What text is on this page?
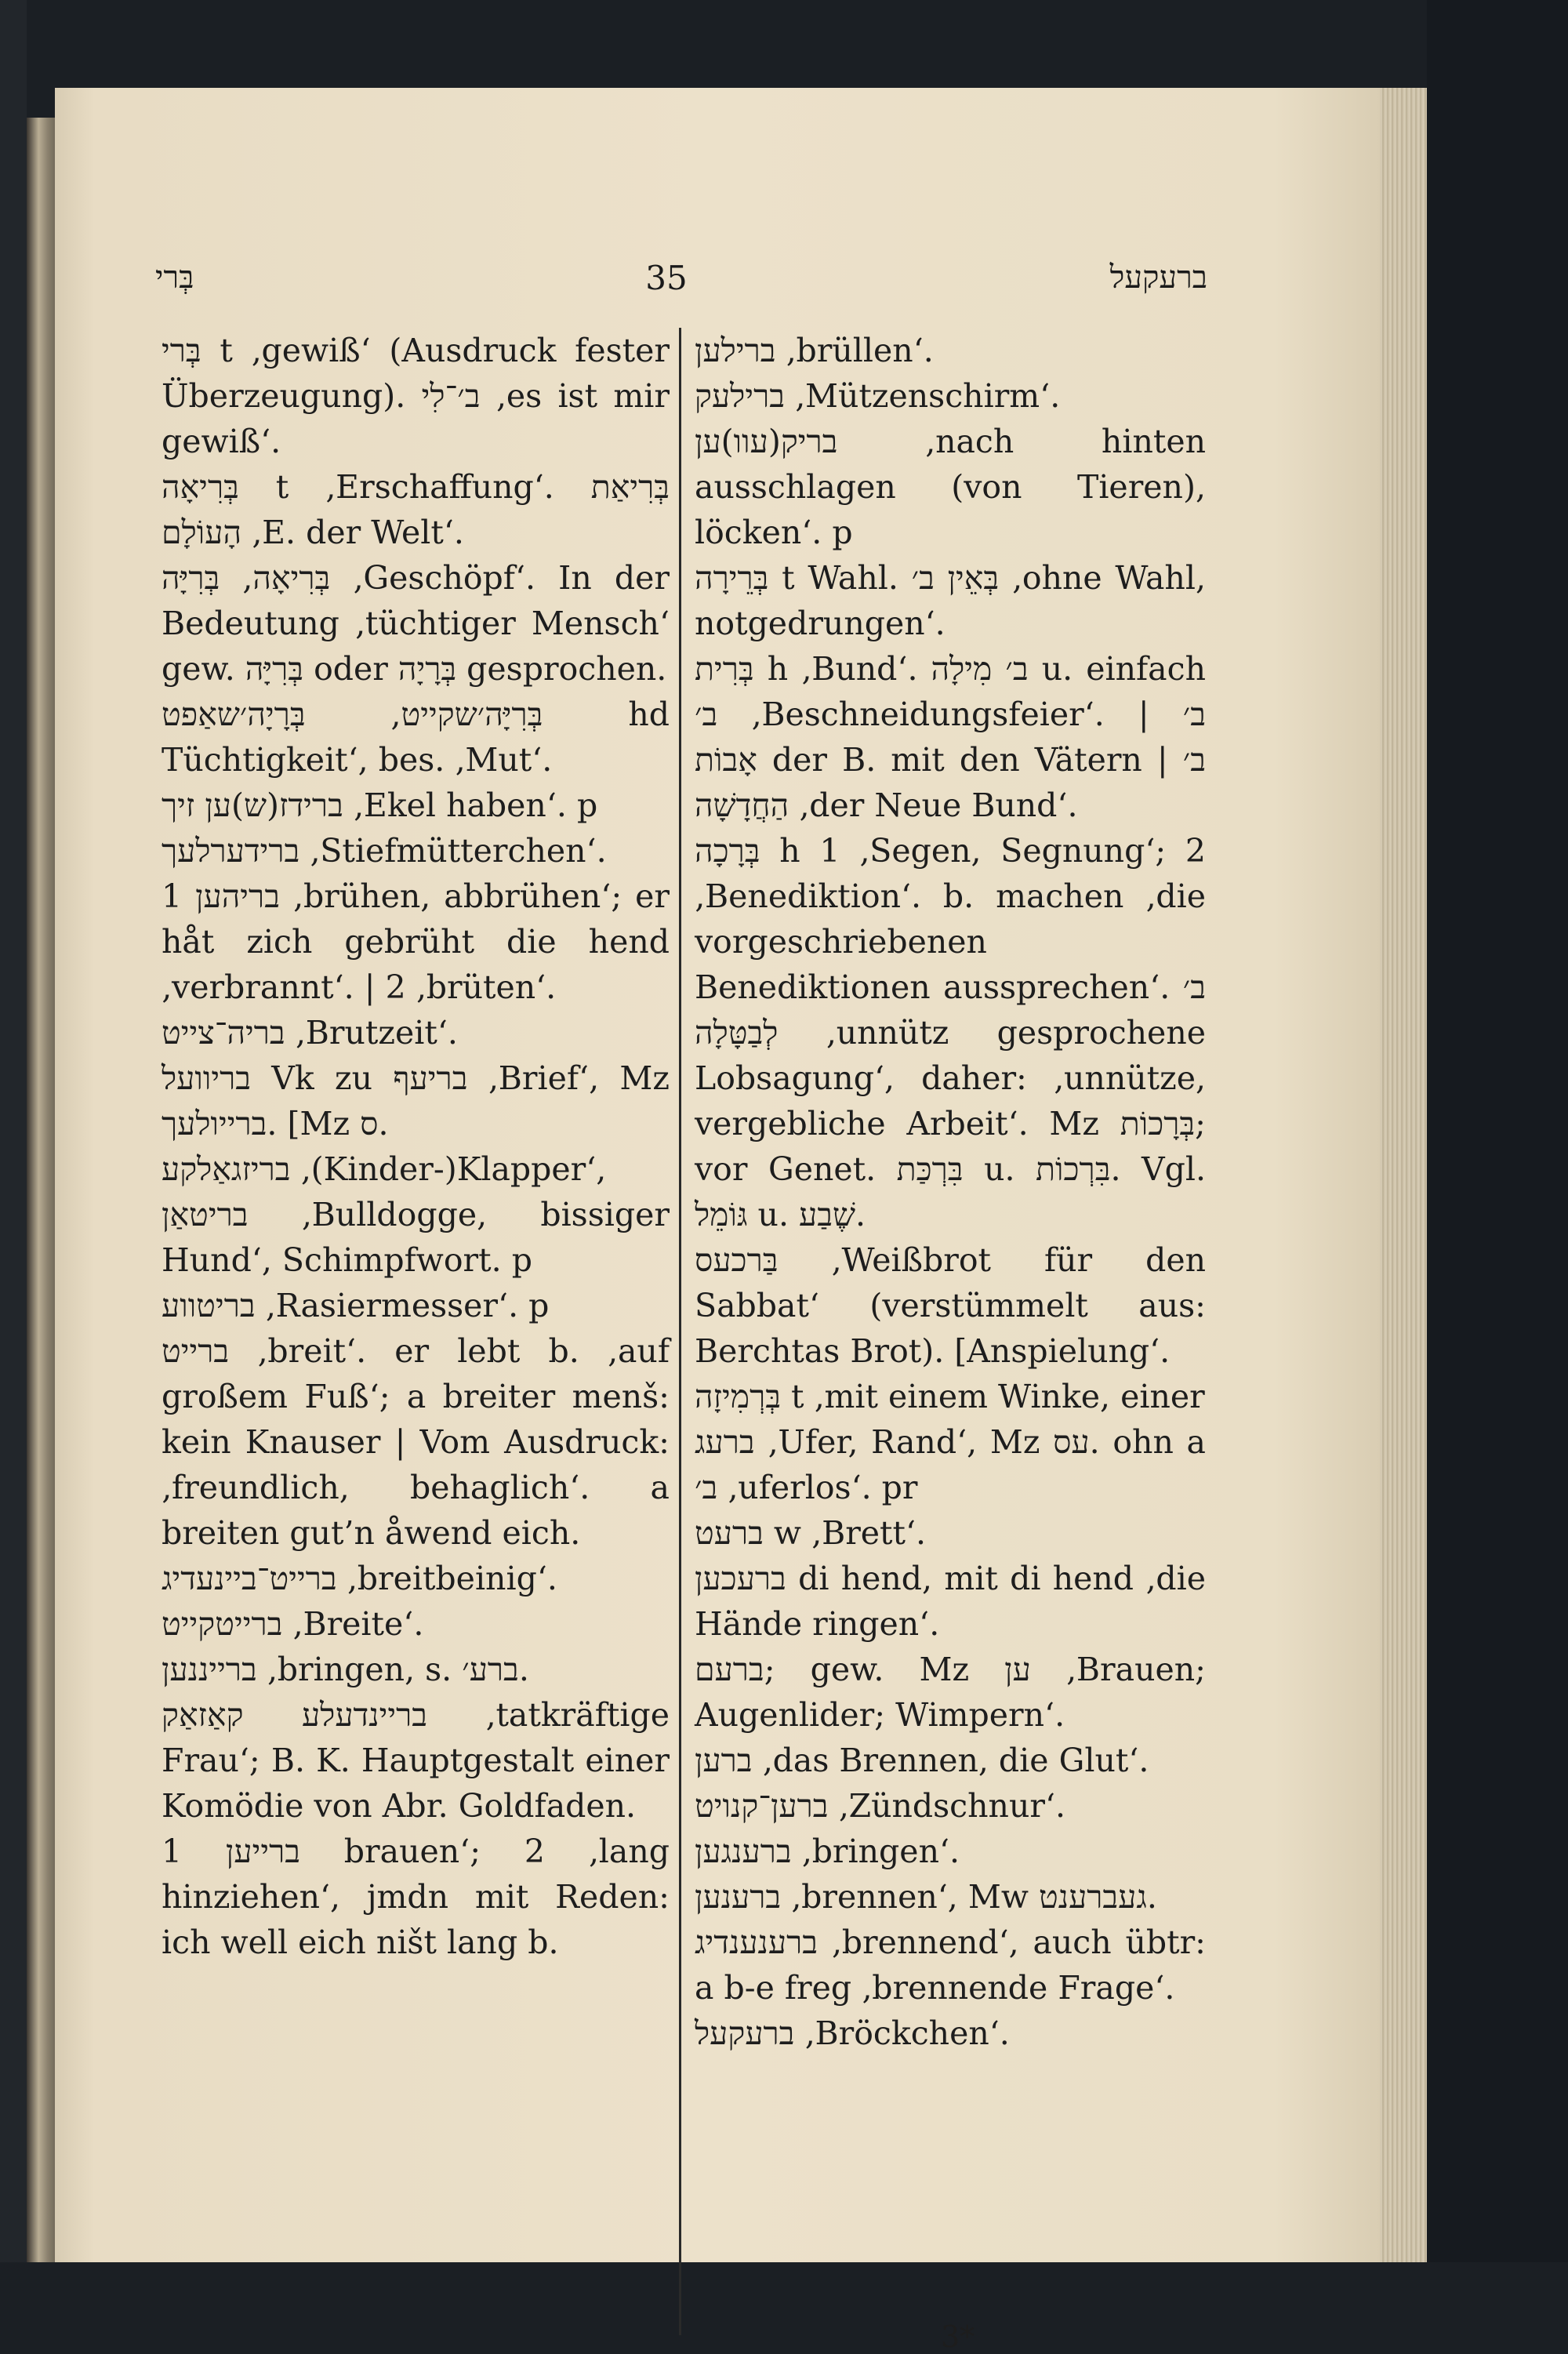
בְּרי	35	ברעקעל

בְּרי t ‚gewiß‘ (Ausdruck fester Überzeugung). ב׳־לִי ‚es ist mir gewiß‘.

בְּרִיאָה t ‚Erschaffung‘. בְּרִיאַת הָעוֹלָם ‚E. der Welt‘.

בְּרִיאָה, בְּרִיָּה ‚Geschöpf‘. In der Bedeutung ‚tüchtiger Mensch‘ gew. בְּרִיָּה oder בְּרָיָה gesprochen.

בְּרִיָּה׳שקייט, בְּרָיָה׳שאַפט hd Tüchtigkeit‘, bes. ‚Mut‘.

ברידז(ש)ען זיך ‚Ekel haben‘. p

ברידערלעך ‚Stiefmütterchen‘.

בריהען 1 ‚brühen, abbrühen‘; er håt zich gebrüht die hend ‚verbrannt‘. | 2 ‚brüten‘.

בריה־צייט ‚Brutzeit‘.

בריוועל Vk zu בריעף ‚Brief‘, Mz ברייולעך. [Mz ס.

בריזגאַלקע ‚(Kinder-)Klapper‘,

בריטאַן ‚Bulldogge, bissiger Hund‘, Schimpfwort. p

בריטווע ‚Rasiermesser‘. p

ברייט ‚breit‘. er lebt b. ‚auf großem Fuß‘; a breiter menš: kein Knauser | Vom Ausdruck: ‚freundlich, behaglich‘. a breiten gut’n åwend eich.

ברייט־ביינעדיג ‚breitbeinig‘.

ברייטקייט ‚Breite‘.

ברייננען ‚bringen, s. ברע׳.

בריינדעלע קאַזאַק ‚tatkräftige Frau‘; B. K. Hauptgestalt einer Komödie von Abr. Goldfaden.

ברייען 1 brauen‘; 2 ‚lang hinziehen‘, jmdn mit Reden: ich well eich ništ lang b.

ברילען ‚brüllen‘.

ברילעק ‚Mützenschirm‘.

בריק(עוו)ען ‚nach hinten ausschlagen (von Tieren), löcken‘. p

בְּרֵירָה t Wahl. בְּאֵין ב׳ ‚ohne Wahl, notgedrungen‘.

בְּרִית h ‚Bund‘. ב׳ מִילָה u. einfach ב׳ ‚Beschneidungsfeier‘. | ב׳ אָבוֹת der B. mit den Vätern | ב׳ הַחֲדָשָׁה ‚der Neue Bund‘.

בְּרָכָה h 1 ‚Segen, Segnung‘; 2 ‚Benediktion‘. b. machen ‚die vorgeschriebenen Benediktionen aussprechen‘. ב׳ לְבַטָּלָה ‚unnütz gesprochene Lobsagung‘, daher: ‚unnütze, vergebliche Arbeit‘. Mz בְּרָכוֹת; vor Genet. בִּרְכַּת u. בִּרְכוֹת. Vgl. גּוֹמֵל u. שֶׁבַע.

בַּרכעס ‚Weißbrot für den Sabbat‘ (verstümmelt aus: Berchtas Brot). [Anspielung‘.

בְּרְמִיזָה t ‚mit einem Winke, einer

ברעג ‚Ufer, Rand‘, Mz עס. ohn a ב׳ ‚uferlos‘. pr

ברעט w ‚Brett‘.

ברעכען di hend, mit di hend ‚die Hände ringen‘.

ברעם; gew. Mz ען ‚Brauen; Augenlider; Wimpern‘.

ברען ‚das Brennen, die Glut‘.

ברען־קנויט ‚Zündschnur‘.

ברענגען ‚bringen‘.

ברענען ‚brennen‘, Mw געברענט.

ברענענדיג ‚brennend‘, auch übtr: a b-e freg ‚brennende Frage‘.

ברעקעל ‚Bröckchen‘.

3*
